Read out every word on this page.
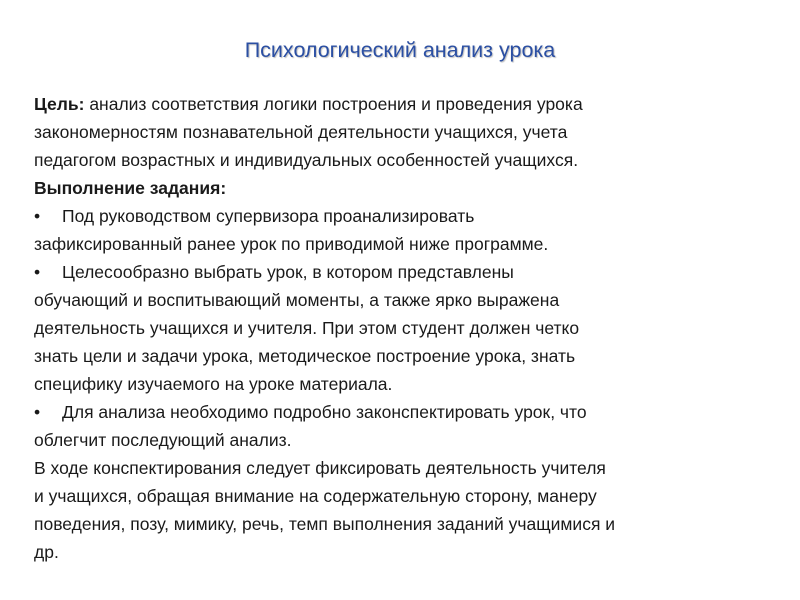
Психологический анализ урока
Цель: анализ соответствия логики построения и проведения урока
закономерностям познавательной деятельности учащихся, учета
педагогом возрастных и индивидуальных особенностей учащихся.
Выполнение задания:
• Под руководством супервизора проанализировать
зафиксированный ранее урок по приводимой ниже программе.
• Целесообразно выбрать урок, в котором представлены
обучающий и воспитывающий моменты, а также ярко выражена
деятельность учащихся и учителя. При этом студент должен четко
знать цели и задачи урока, методическое построение урока, знать
специфику изучаемого на уроке материала.
• Для анализа необходимо подробно законспектировать урок, что
облегчит последующий анализ.
В ходе конспектирования следует фиксировать деятельность учителя
и учащихся, обращая внимание на содержательную сторону, манеру
поведения, позу, мимику, речь, темп выполнения заданий учащимися и
др.
